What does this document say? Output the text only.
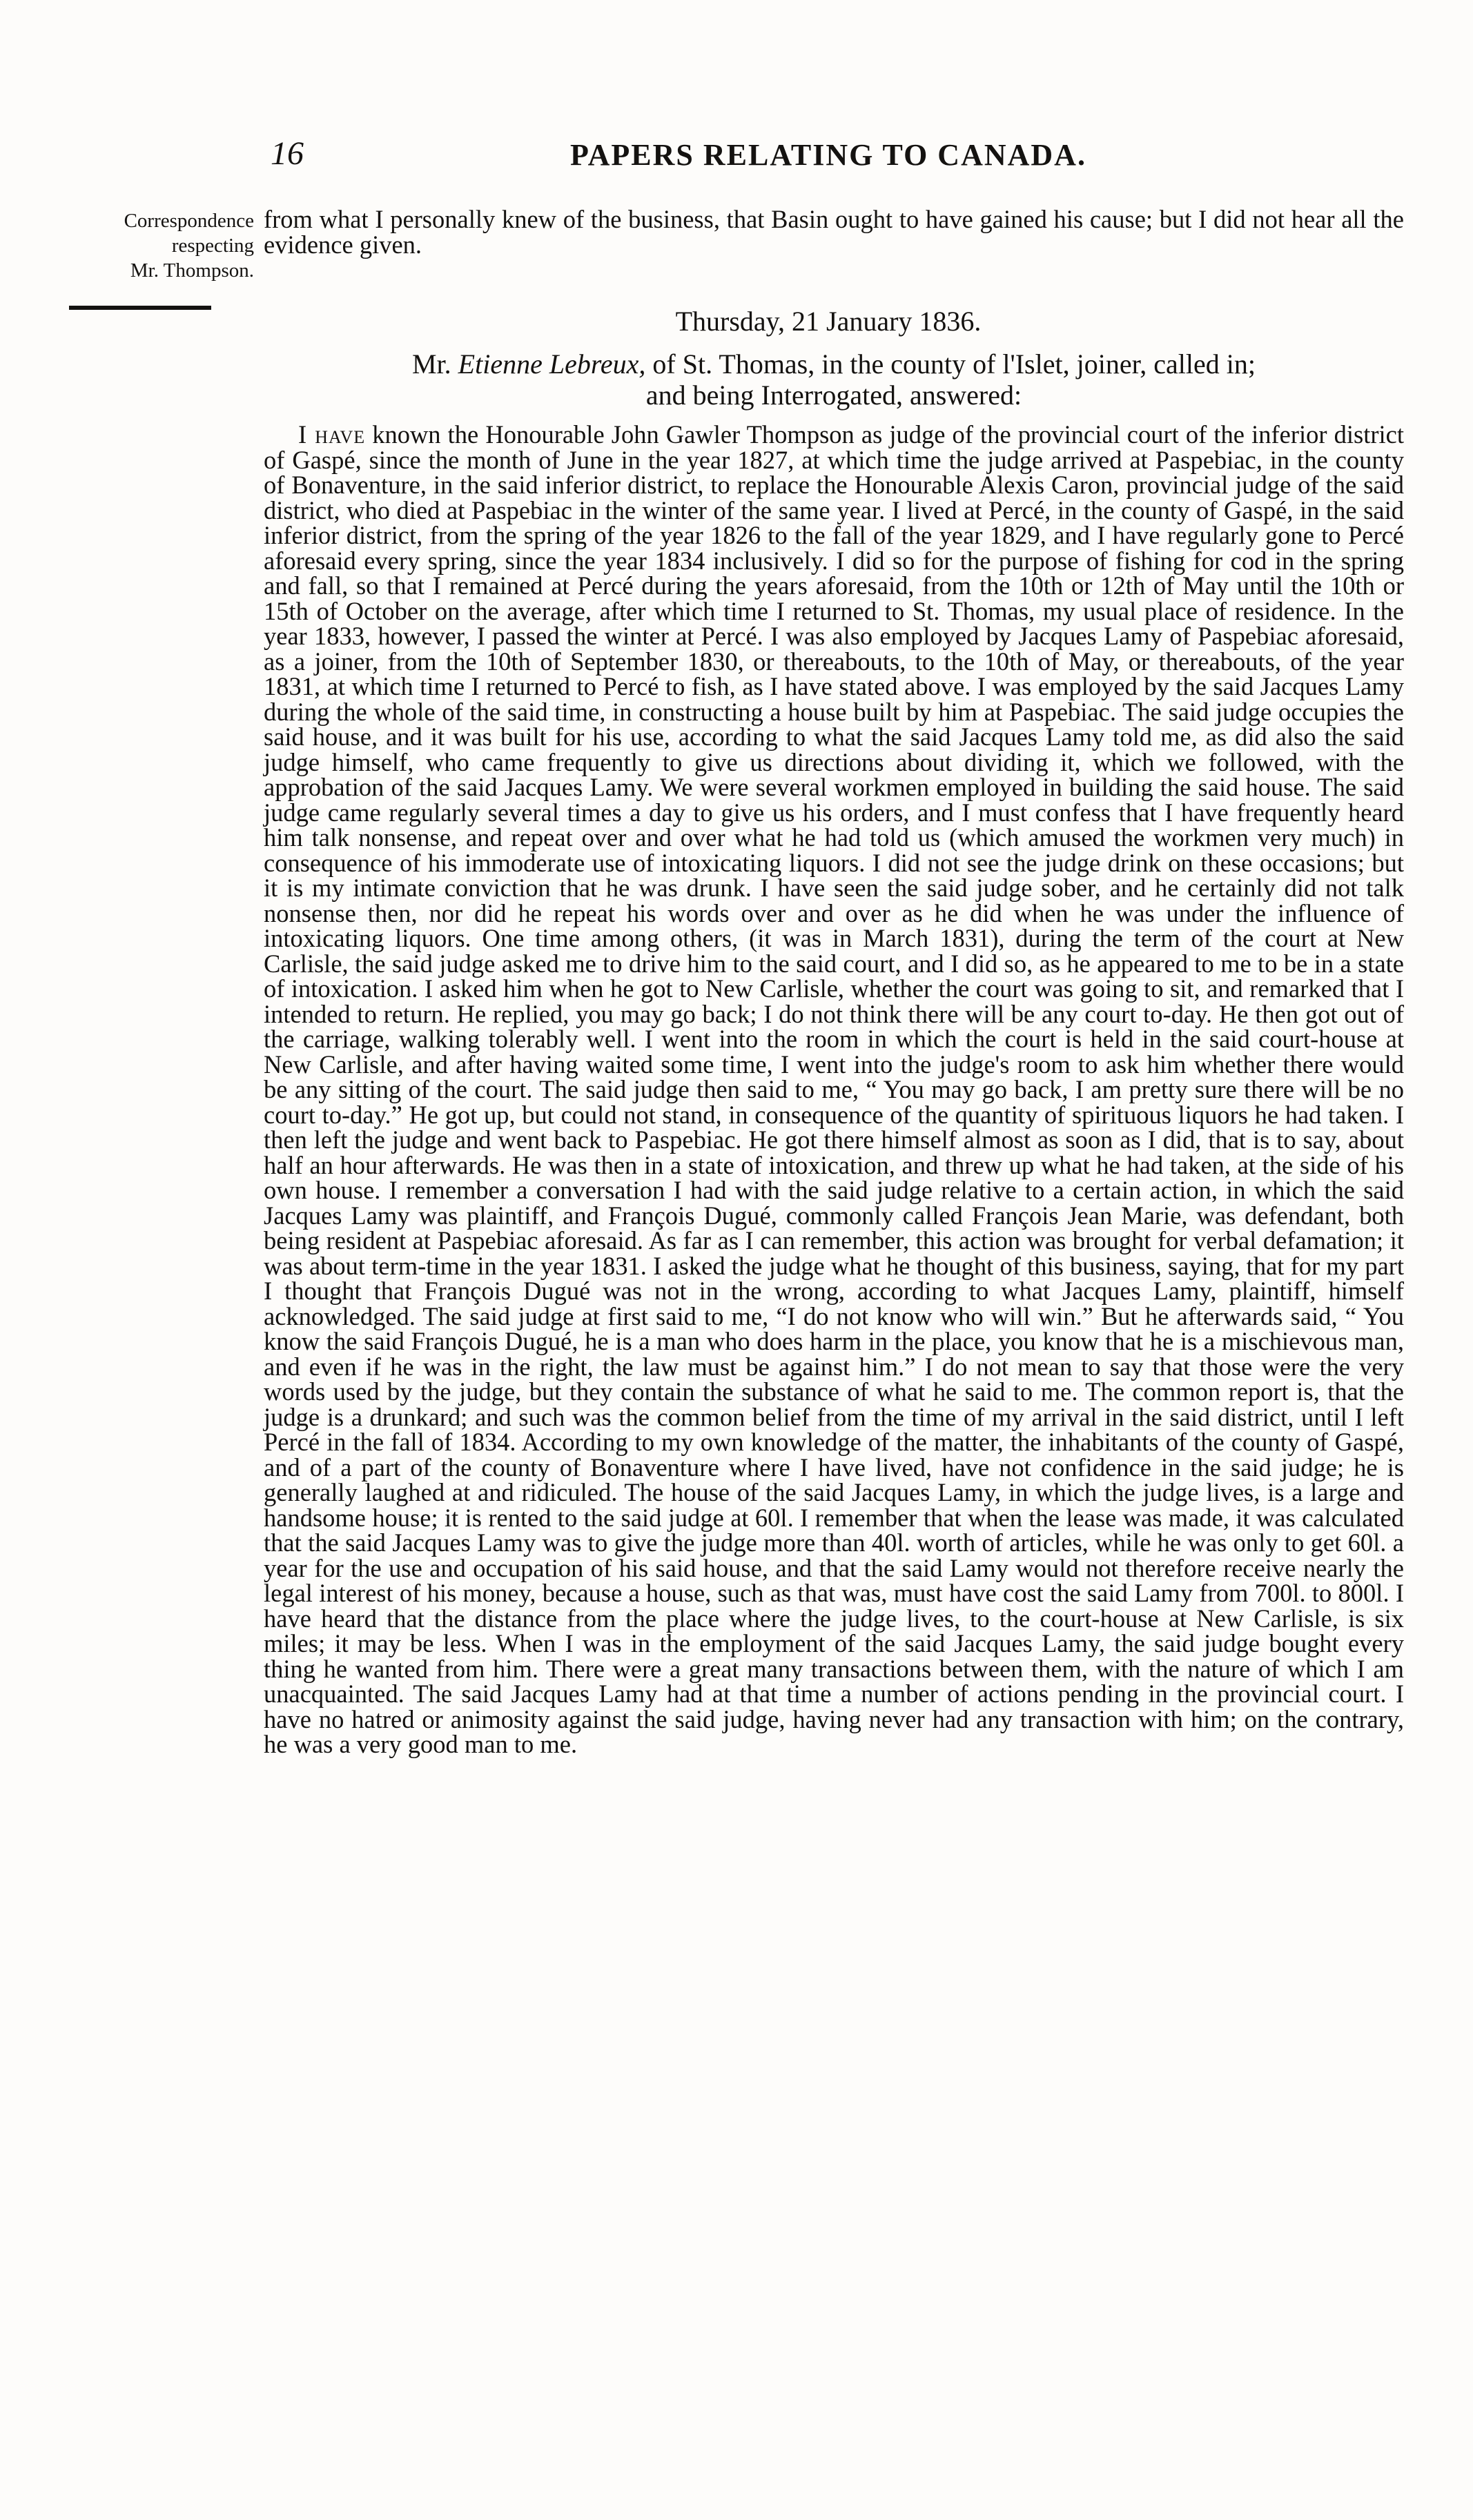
16	PAPERS RELATING TO CANADA.
Correspondence
respecting
Mr. Thompson.
from what I personally knew of the business, that Basin ought to have gained his cause; but I did not hear all the evidence given.
Thursday, 21 January 1836.
Mr. Etienne Lebreux, of St. Thomas, in the county of l'Islet, joiner, called in;
and being Interrogated, answered:
I have known the Honourable John Gawler Thompson as judge of the provincial court of the inferior district of Gaspé, since the month of June in the year 1827, at which time the judge arrived at Paspebiac, in the county of Bonaventure, in the said inferior district, to replace the Honourable Alexis Caron, provincial judge of the said district, who died at Paspebiac in the winter of the same year. I lived at Percé, in the county of Gaspé, in the said inferior district, from the spring of the year 1826 to the fall of the year 1829, and I have regularly gone to Percé aforesaid every spring, since the year 1834 inclusively. I did so for the purpose of fishing for cod in the spring and fall, so that I remained at Percé during the years aforesaid, from the 10th or 12th of May until the 10th or 15th of October on the average, after which time I returned to St. Thomas, my usual place of residence. In the year 1833, however, I passed the winter at Percé. I was also employed by Jacques Lamy of Paspebiac aforesaid, as a joiner, from the 10th of September 1830, or thereabouts, to the 10th of May, or thereabouts, of the year 1831, at which time I returned to Percé to fish, as I have stated above. I was employed by the said Jacques Lamy during the whole of the said time, in constructing a house built by him at Paspebiac. The said judge occupies the said house, and it was built for his use, according to what the said Jacques Lamy told me, as did also the said judge himself, who came frequently to give us directions about dividing it, which we followed, with the approbation of the said Jacques Lamy. We were several workmen employed in building the said house. The said judge came regularly several times a day to give us his orders, and I must confess that I have frequently heard him talk nonsense, and repeat over and over what he had told us (which amused the workmen very much) in consequence of his immoderate use of intoxicating liquors. I did not see the judge drink on these occasions; but it is my intimate conviction that he was drunk. I have seen the said judge sober, and he certainly did not talk nonsense then, nor did he repeat his words over and over as he did when he was under the influence of intoxicating liquors. One time among others, (it was in March 1831), during the term of the court at New Carlisle, the said judge asked me to drive him to the said court, and I did so, as he appeared to me to be in a state of intoxication. I asked him when he got to New Carlisle, whether the court was going to sit, and remarked that I intended to return. He replied, you may go back; I do not think there will be any court to-day. He then got out of the carriage, walking tolerably well. I went into the room in which the court is held in the said court-house at New Carlisle, and after having waited some time, I went into the judge's room to ask him whether there would be any sitting of the court. The said judge then said to me, “ You may go back, I am pretty sure there will be no court to-day.” He got up, but could not stand, in consequence of the quantity of spirituous liquors he had taken. I then left the judge and went back to Paspebiac. He got there himself almost as soon as I did, that is to say, about half an hour afterwards. He was then in a state of intoxication, and threw up what he had taken, at the side of his own house. I remember a conversation I had with the said judge relative to a certain action, in which the said Jacques Lamy was plaintiff, and François Dugué, commonly called François Jean Marie, was defendant, both being resident at Paspebiac aforesaid. As far as I can remember, this action was brought for verbal defamation; it was about term-time in the year 1831. I asked the judge what he thought of this business, saying, that for my part I thought that François Dugué was not in the wrong, according to what Jacques Lamy, plaintiff, himself acknowledged. The said judge at first said to me, “I do not know who will win.” But he afterwards said, “ You know the said François Dugué, he is a man who does harm in the place, you know that he is a mischievous man, and even if he was in the right, the law must be against him.” I do not mean to say that those were the very words used by the judge, but they contain the substance of what he said to me. The common report is, that the judge is a drunkard; and such was the common belief from the time of my arrival in the said district, until I left Percé in the fall of 1834. According to my own knowledge of the matter, the inhabitants of the county of Gaspé, and of a part of the county of Bonaventure where I have lived, have not confidence in the said judge; he is generally laughed at and ridiculed. The house of the said Jacques Lamy, in which the judge lives, is a large and handsome house; it is rented to the said judge at 60l. I remember that when the lease was made, it was calculated that the said Jacques Lamy was to give the judge more than 40l. worth of articles, while he was only to get 60l. a year for the use and occupation of his said house, and that the said Lamy would not therefore receive nearly the legal interest of his money, because a house, such as that was, must have cost the said Lamy from 700l. to 800l. I have heard that the distance from the place where the judge lives, to the court-house at New Carlisle, is six miles; it may be less. When I was in the employment of the said Jacques Lamy, the said judge bought every thing he wanted from him. There were a great many transactions between them, with the nature of which I am unacquainted. The said Jacques Lamy had at that time a number of actions pending in the provincial court. I have no hatred or animosity against the said judge, having never had any transaction with him; on the contrary, he was a very good man to me.
